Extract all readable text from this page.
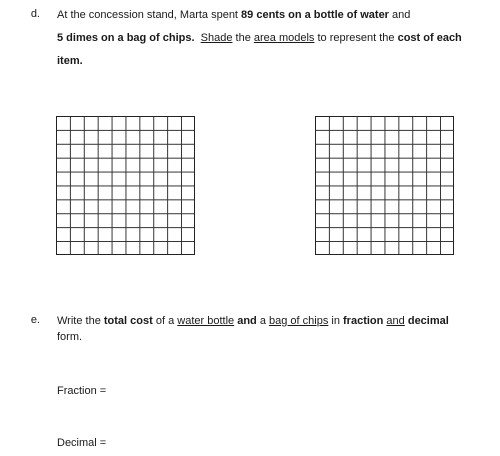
d. At the concession stand, Marta spent 89 cents on a bottle of water and
5 dimes on a bag of chips. Shade the area models to represent the cost of each
item.
e. Write the total cost of a water bottle and a bag of chips in fraction and decimal
form.
Fraction =
Decimal =
